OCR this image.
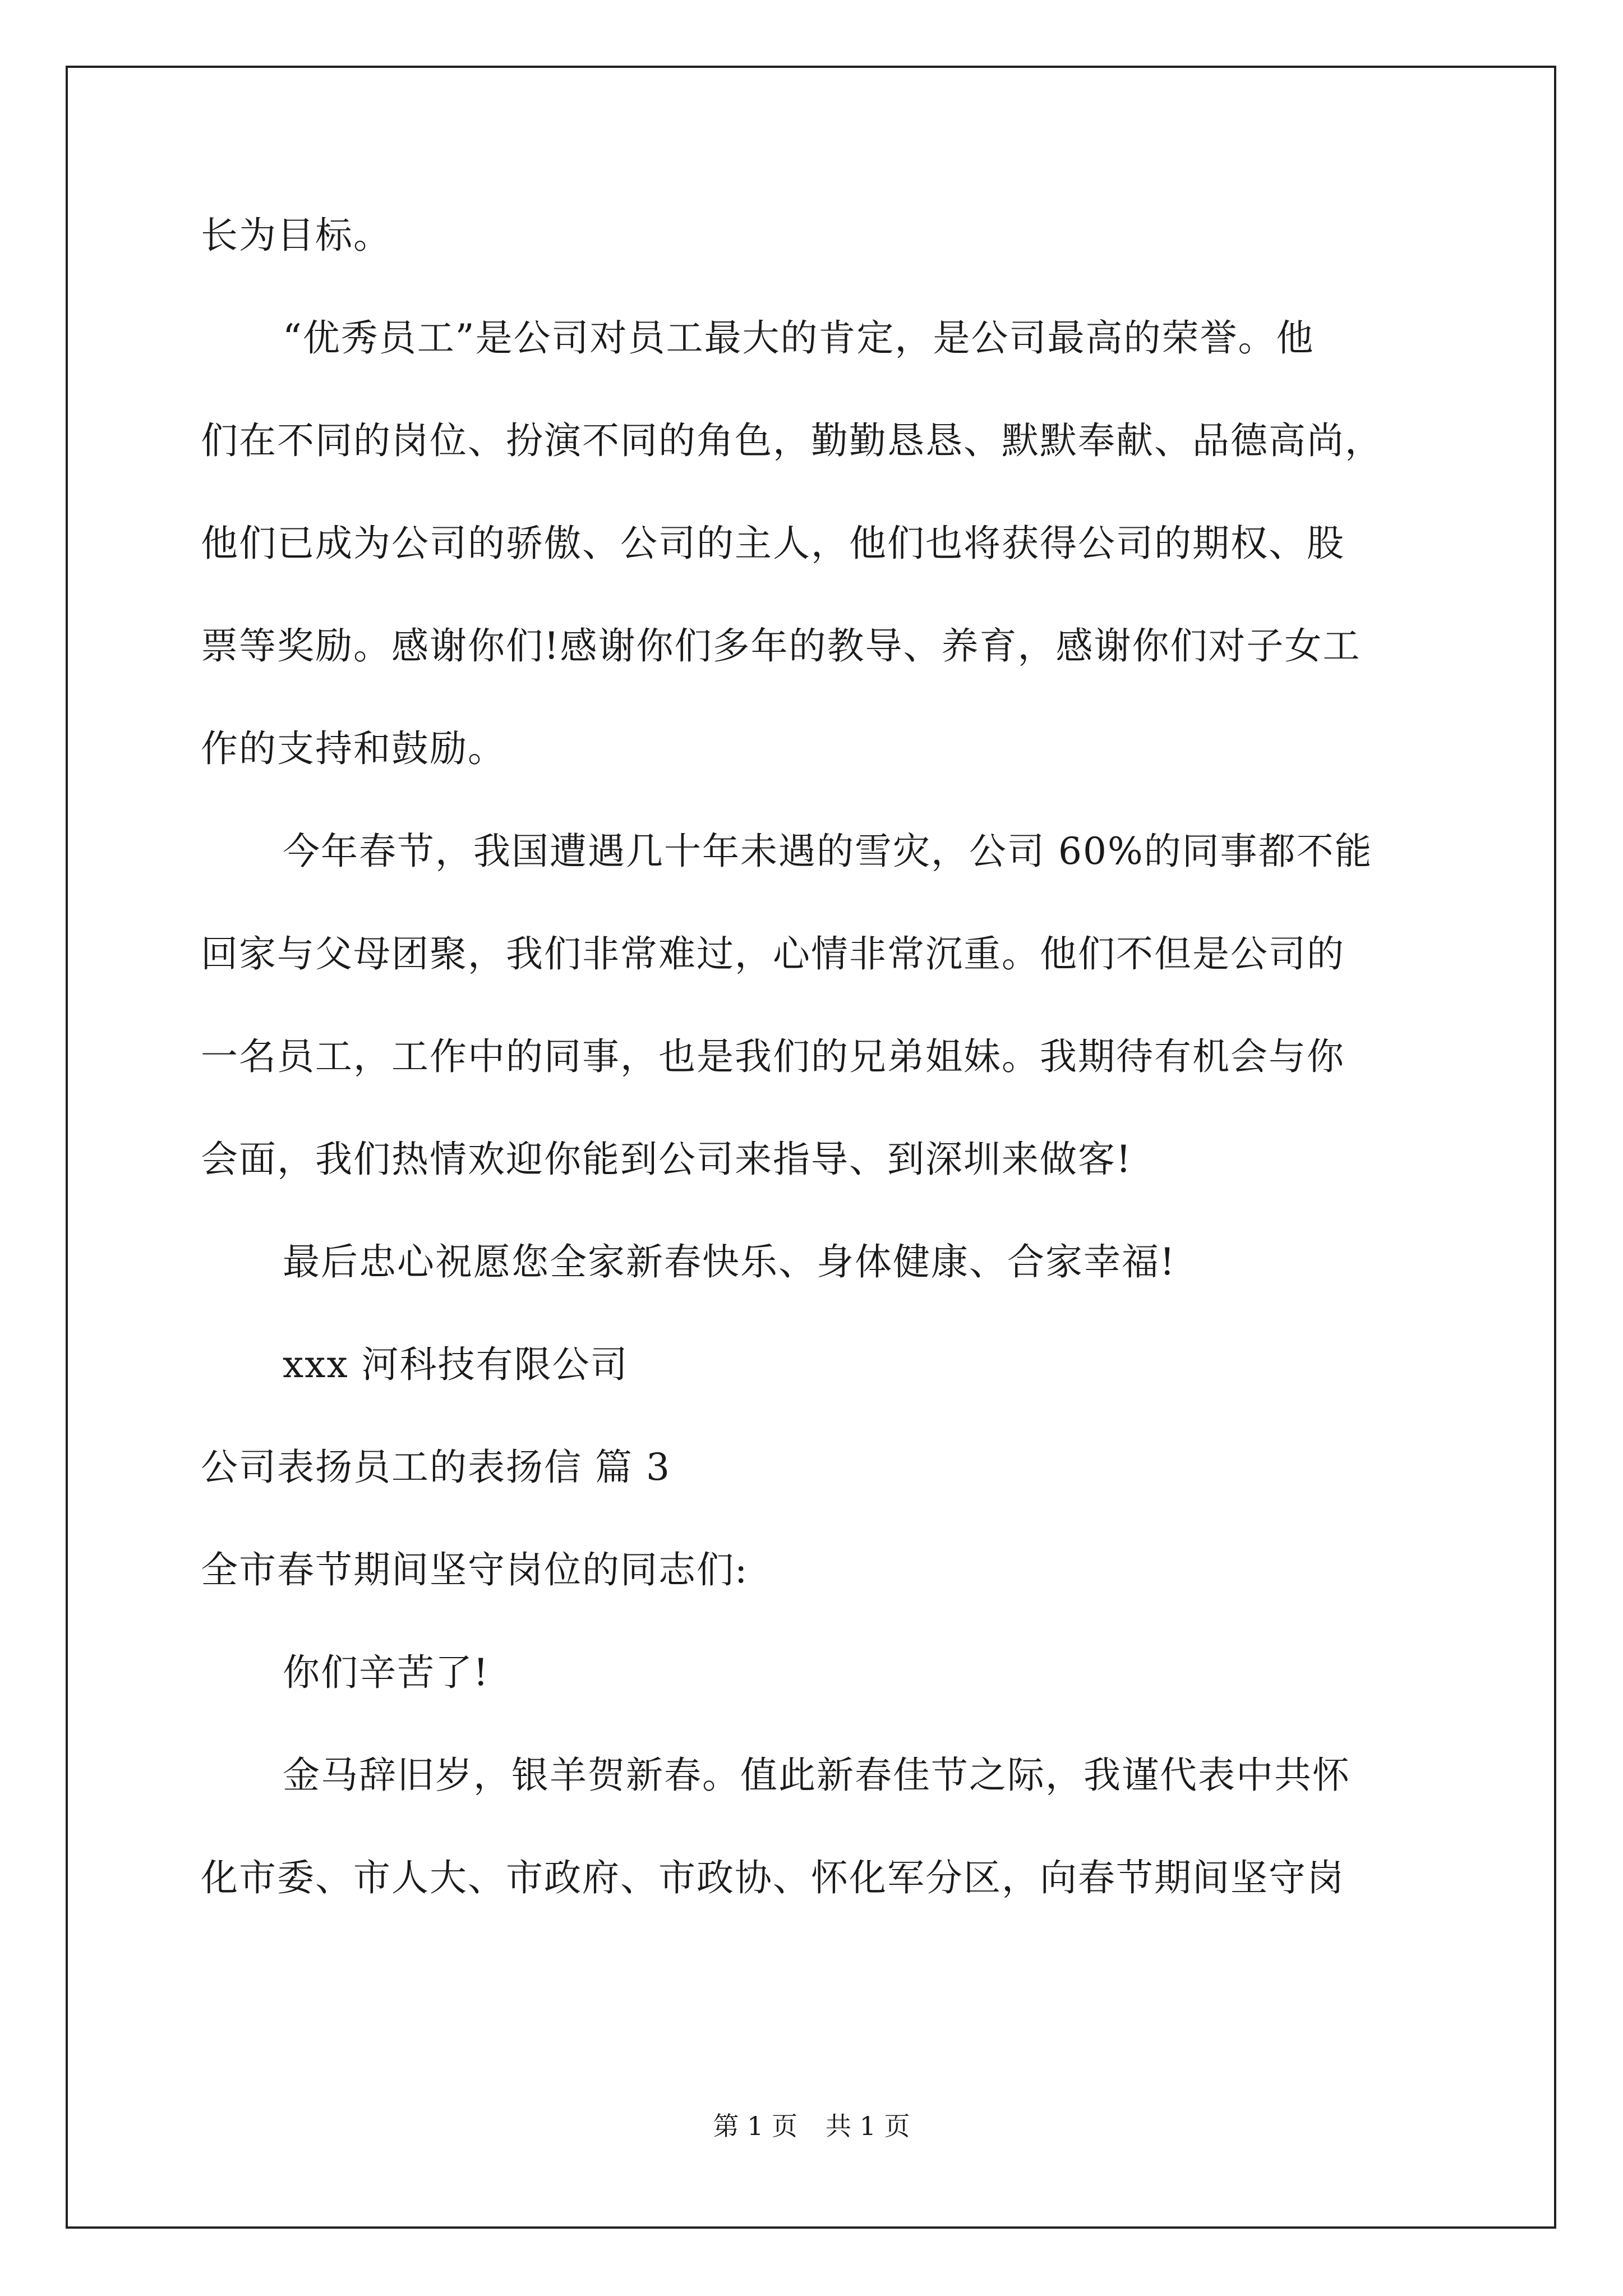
长为目标。
“优秀员工”是公司对员工最大的肯定，是公司最高的荣誉。他
们在不同的岗位、扮演不同的角色，勤勤恳恳、默默奉献、品德高尚，
他们已成为公司的骄傲、公司的主人，他们也将获得公司的期权、股
票等奖励。感谢你们!感谢你们多年的教导、养育，感谢你们对子女工
作的支持和鼓励。
今年春节，我国遭遇几十年未遇的雪灾，公司 60%的同事都不能
回家与父母团聚，我们非常难过，心情非常沉重。他们不但是公司的
一名员工，工作中的同事，也是我们的兄弟姐妹。我期待有机会与你
会面，我们热情欢迎你能到公司来指导、到深圳来做客!
最后忠心祝愿您全家新春快乐、身体健康、合家幸福!
xxx 河科技有限公司
公司表扬员工的表扬信 篇 3
全市春节期间坚守岗位的同志们:
你们辛苦了!
金马辞旧岁，银羊贺新春。值此新春佳节之际，我谨代表中共怀
化市委、市人大、市政府、市政协、怀化军分区，向春节期间坚守岗
第 1 页 共 1 页
